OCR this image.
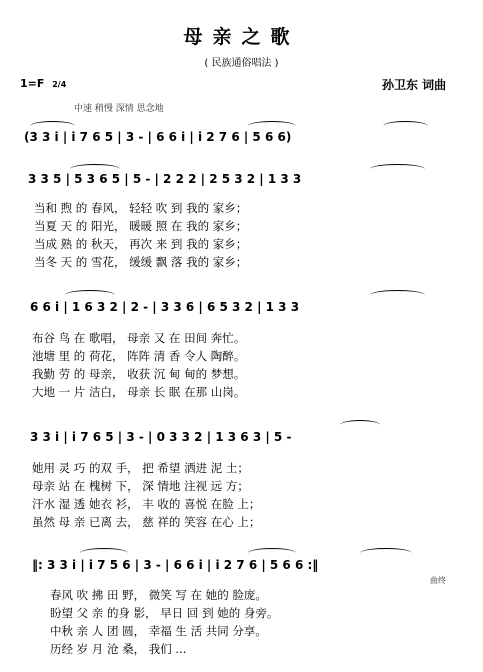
母亲之歌
( 民族通俗唱法 )
1=F 2/4	孙卫东 词曲
中速 稍慢 深情 思念地
(3 3 i | i 7 6 5 | 3 - | 6 6 i | i 2 7 6 | 5 6 6)
3 3 5 | 5 3 6 5 | 5 - | 2 2 2 | 2 5 3 2 | 1 3 3
当和 煦 的 春风， 轻轻 吹 到 我的 家乡；
当夏 天 的 阳光， 暖暖 照 在 我的 家乡；
当成 熟 的 秋天， 再次 来 到 我的 家乡；
当冬 天 的 雪花， 缓缓 飘 落 我的 家乡；
6 6 i | 1 6 3 2 | 2 - | 3 3 6 | 6 5 3 2 | 1 3 3
布谷 鸟 在 歌唱， 母亲 又 在 田间 奔忙。
池塘 里 的 荷花， 阵阵 清 香 令人 陶醉。
我勤 劳 的 母亲， 收获 沉 甸 甸的 梦想。
大地 一 片 洁白， 母亲 长 眠 在那 山岗。
3 3 i | i 7 6 5 | 3 - | 0 3 3 2 | 1 3 6 3 | 5 -
她用 灵 巧 的双 手， 把 希望 洒进 泥 土；
母亲 站 在 槐树 下， 深 情地 注视 远 方；
汗水 湿 透 她衣 衫， 丰 收的 喜悦 在脸 上；
虽然 母 亲 已离 去， 慈 祥的 笑容 在心 上；
‖: 3 3 i | i 7 5 6 | 3 - | 6 6 i | i 2 7 6 | 5 6 6 :‖
曲终
春风 吹 拂 田 野， 微笑 写 在 她的 脸庞。
盼望 父 亲 的身 影， 早日 回 到 她的 身旁。
中秋 亲 人 团 圆， 幸福 生 活 共同 分享。
历经 岁 月 沧 桑， 我们 ...
